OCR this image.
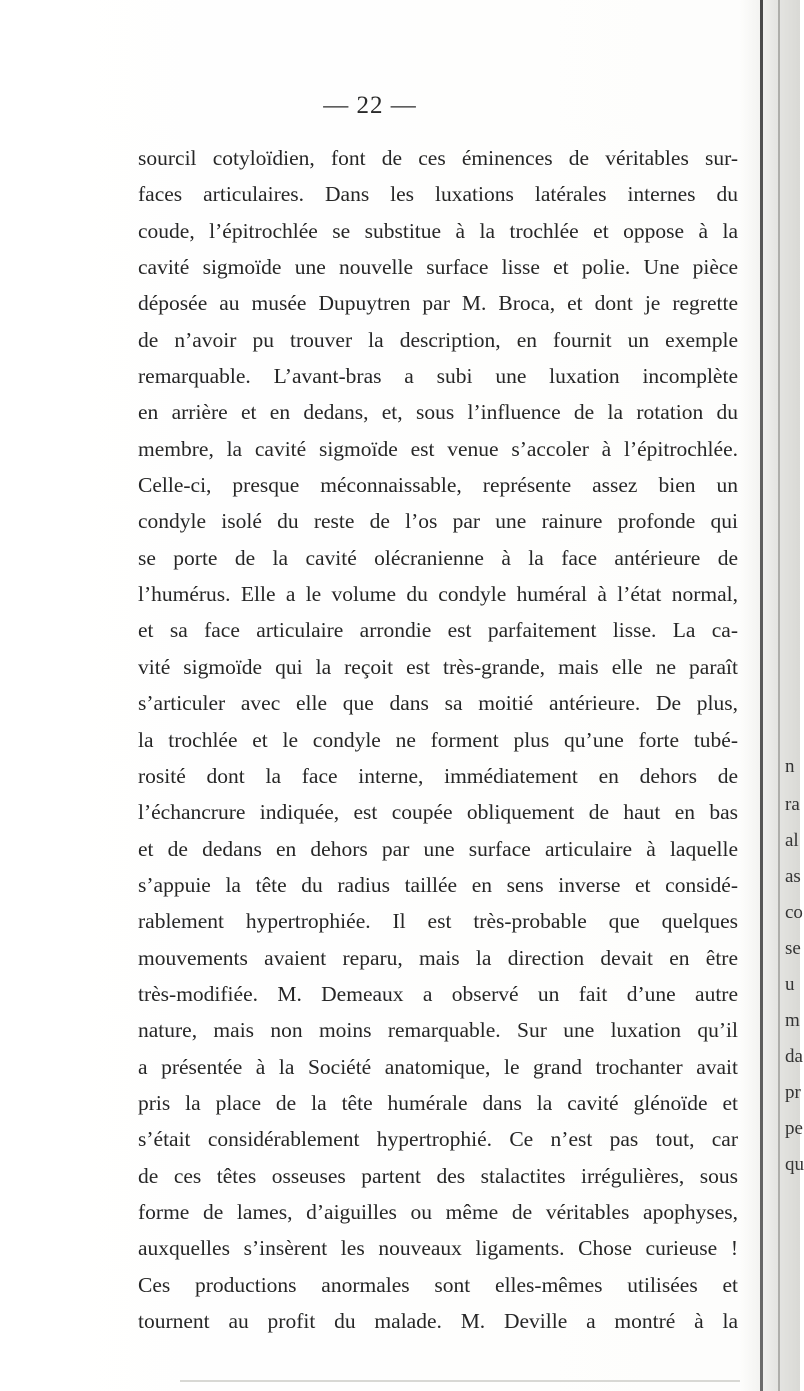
— 22 —
sourcil cotyloïdien, font de ces éminences de véritables sur-
faces articulaires. Dans les luxations latérales internes du
coude, l’épitrochlée se substitue à la trochlée et oppose à la
cavité sigmoïde une nouvelle surface lisse et polie. Une pièce
déposée au musée Dupuytren par M. Broca, et dont je regrette
de n’avoir pu trouver la description, en fournit un exemple
remarquable. L’avant-bras a subi une luxation incomplète
en arrière et en dedans, et, sous l’influence de la rotation du
membre, la cavité sigmoïde est venue s’accoler à l’épitrochlée.
Celle-ci, presque méconnaissable, représente assez bien un
condyle isolé du reste de l’os par une rainure profonde qui
se porte de la cavité olécranienne à la face antérieure de
l’humérus. Elle a le volume du condyle huméral à l’état normal,
et sa face articulaire arrondie est parfaitement lisse. La ca-
vité sigmoïde qui la reçoit est très-grande, mais elle ne paraît
s’articuler avec elle que dans sa moitié antérieure. De plus,
la trochlée et le condyle ne forment plus qu’une forte tubé-
rosité dont la face interne, immédiatement en dehors de
l’échancrure indiquée, est coupée obliquement de haut en bas
et de dedans en dehors par une surface articulaire à laquelle
s’appuie la tête du radius taillée en sens inverse et considé-
rablement hypertrophiée. Il est très-probable que quelques
mouvements avaient reparu, mais la direction devait en être
très-modifiée. M. Demeaux a observé un fait d’une autre
nature, mais non moins remarquable. Sur une luxation qu’il
a présentée à la Société anatomique, le grand trochanter avait
pris la place de la tête humérale dans la cavité glénoïde et
s’était considérablement hypertrophié. Ce n’est pas tout, car
de ces têtes osseuses partent des stalactites irrégulières, sous
forme de lames, d’aiguilles ou même de véritables apophyses,
auxquelles s’insèrent les nouveaux ligaments. Chose curieuse !
Ces productions anormales sont elles-mêmes utilisées et
tournent au profit du malade. M. Deville a montré à la
n
ra
al
as
co
se
u
m
da
pr
pe
qu
